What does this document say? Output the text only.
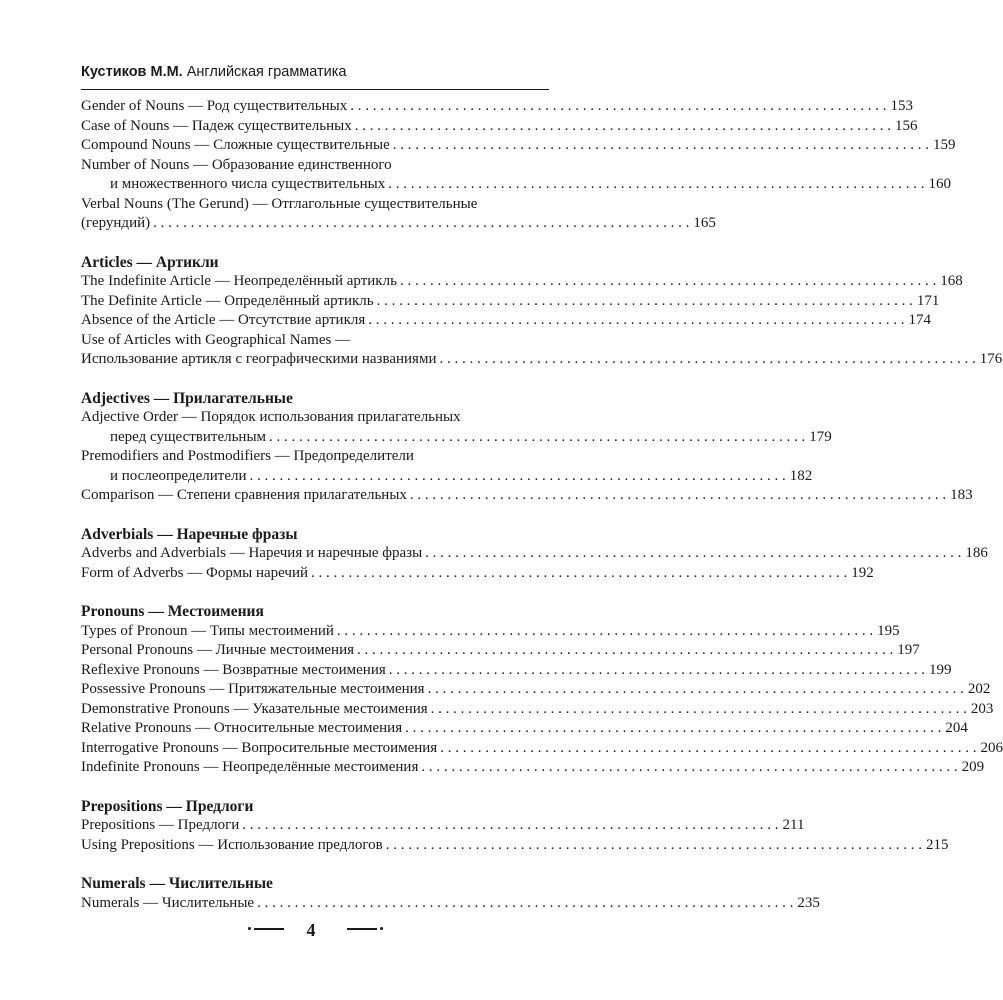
Кустиков М.М. Английская грамматика
Gender of Nouns — Род существительных . . .	153
Case of Nouns — Падеж существительных . . .	156
Compound Nouns — Сложные существительные . . .	159
Number of Nouns — Образование единственного
и множественного числа существительных . . .	160
Verbal Nouns (The Gerund) — Отглагольные существительные
(герундий) . . .	165
Articles — Артикли
The Indefinite Article — Неопределённый артикль . . .	168
The Definite Article — Определённый артикль . . .	171
Absence of the Article — Отсутствие артикля . . .	174
Use of Articles with Geographical Names —
Использование артикля с географическими названиями . . .	176
Adjectives — Прилагательные
Adjective Order — Порядок использования прилагательных
перед существительным . . .	179
Premodifiers and Postmodifiers — Предопределители
и послеопределители . . .	182
Comparison — Степени сравнения прилагательных . . .	183
Adverbials — Наречные фразы
Adverbs and Adverbials — Наречия и наречные фразы . . .	186
Form of Adverbs — Формы наречий . . .	192
Pronouns — Местоимения
Types of Pronoun — Типы местоимений . . .	195
Personal Pronouns — Личные местоимения . . .	197
Reflexive Pronouns — Возвратные местоимения . . .	199
Possessive Pronouns — Притяжательные местоимения . . .	202
Demonstrative Pronouns — Указательные местоимения . . .	203
Relative Pronouns — Относительные местоимения . . .	204
Interrogative Pronouns — Вопросительные местоимения . . .	206
Indefinite Pronouns — Неопределённые местоимения . . .	209
Prepositions — Предлоги
Prepositions — Предлоги . . .	211
Using Prepositions — Использование предлогов . . .	215
Numerals — Числительные
Numerals — Числительные . . .	235
4
